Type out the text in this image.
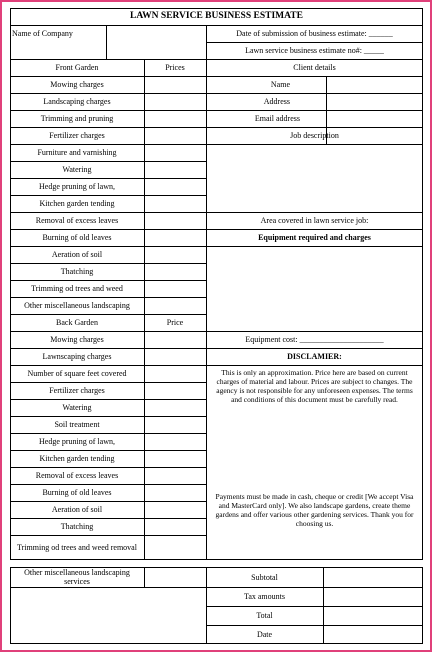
LAWN SERVICE BUSINESS ESTIMATE
Name of Company	Date of submission of business estimate: ______
Lawn service business estimate no#: _____
Front Garden	Prices	Client details
Mowing charges
Landscaping charges
Trimming and pruning
Fertilizer charges
Furniture and varnishing
Watering
Hedge pruning of lawn,
Kitchen garden tending
Removal of excess leaves
Burning of old leaves
Aeration of soil
Thatching
Trimming od trees and weed
Other miscellaneous landscaping
Back Garden	Price
Mowing charges
Lawnscaping charges
Number of square feet covered
Fertilizer charges
Watering
Soil treatment
Hedge pruning of lawn,
Kitchen garden tending
Removal of excess leaves
Burning of old leaves
Aeration of soil
Thatching
Trimming od trees and weed removal
Name
Address
Email address
Job description
Area covered in lawn service job:
Equipment required and charges
Equipment cost: _____________________
DISCLAMIER:
This is only an approximation. Price here are based on current charges of material and labour. Prices are subject to changes. The agency is not responsible for any unforeseen expenses. The terms and conditions of this document must be carefully read.
Payments must be made in cash, cheque or credit [We accept Visa and MasterCard only]. We also landscape gardens, create theme gardens and offer various other gardening services. Thank you for choosing us.
Other miscellaneous landscaping services	Subtotal
Tax amounts
Total
Date
